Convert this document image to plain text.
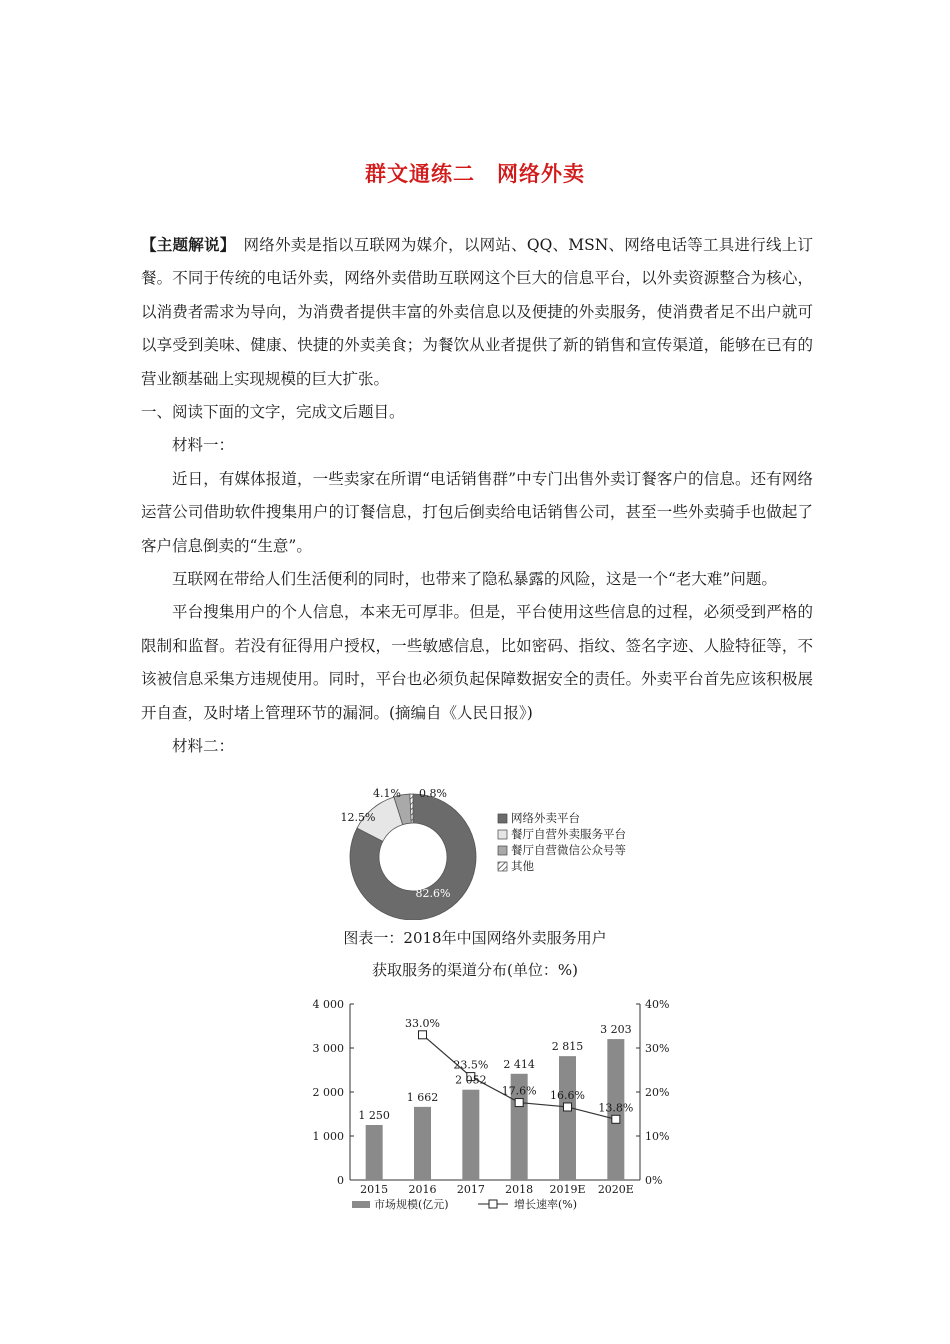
群文通练二　网络外卖

【主题解说】 网络外卖是指以互联网为媒介，以网站、QQ、MSN、网络电话等工具进行线上订餐。不同于传统的电话外卖，网络外卖借助互联网这个巨大的信息平台，以外卖资源整合为核心，以消费者需求为导向，为消费者提供丰富的外卖信息以及便捷的外卖服务，使消费者足不出户就可以享受到美味、健康、快捷的外卖美食；为餐饮从业者提供了新的销售和宣传渠道，能够在已有的营业额基础上实现规模的巨大扩张。

一、阅读下面的文字，完成文后题目。

材料一：

近日，有媒体报道，一些卖家在所谓“电话销售群”中专门出售外卖订餐客户的信息。还有网络运营公司借助软件搜集用户的订餐信息，打包后倒卖给电话销售公司，甚至一些外卖骑手也做起了客户信息倒卖的“生意”。

互联网在带给人们生活便利的同时，也带来了隐私暴露的风险，这是一个“老大难”问题。

平台搜集用户的个人信息，本来无可厚非。但是，平台使用这些信息的过程，必须受到严格的限制和监督。若没有征得用户授权，一些敏感信息，比如密码、指纹、签名字迹、人脸特征等，不该被信息采集方违规使用。同时，平台也必须负起保障数据安全的责任。外卖平台首先应该积极展开自查，及时堵上管理环节的漏洞。(摘编自《人民日报》)

材料二：

82.6%
12.5%
4.1% 0.8%
网络外卖平台
餐厅自营外卖服务平台
餐厅自营微信公众号等
其他
图表一：2018年中国网络外卖服务用户
获取服务的渠道分布(单位：%)
0
1 000
2 000
3 000
4 000
0%
10%
20%
30%
40%
2015 2016 2017 2018 2019E 2020E
1 250
1 662
2 052
2 414
2 815
3 203
33.0%
23.5%
17.6% 16.6%
13.8%
市场规模(亿元)	增长速率(%)
